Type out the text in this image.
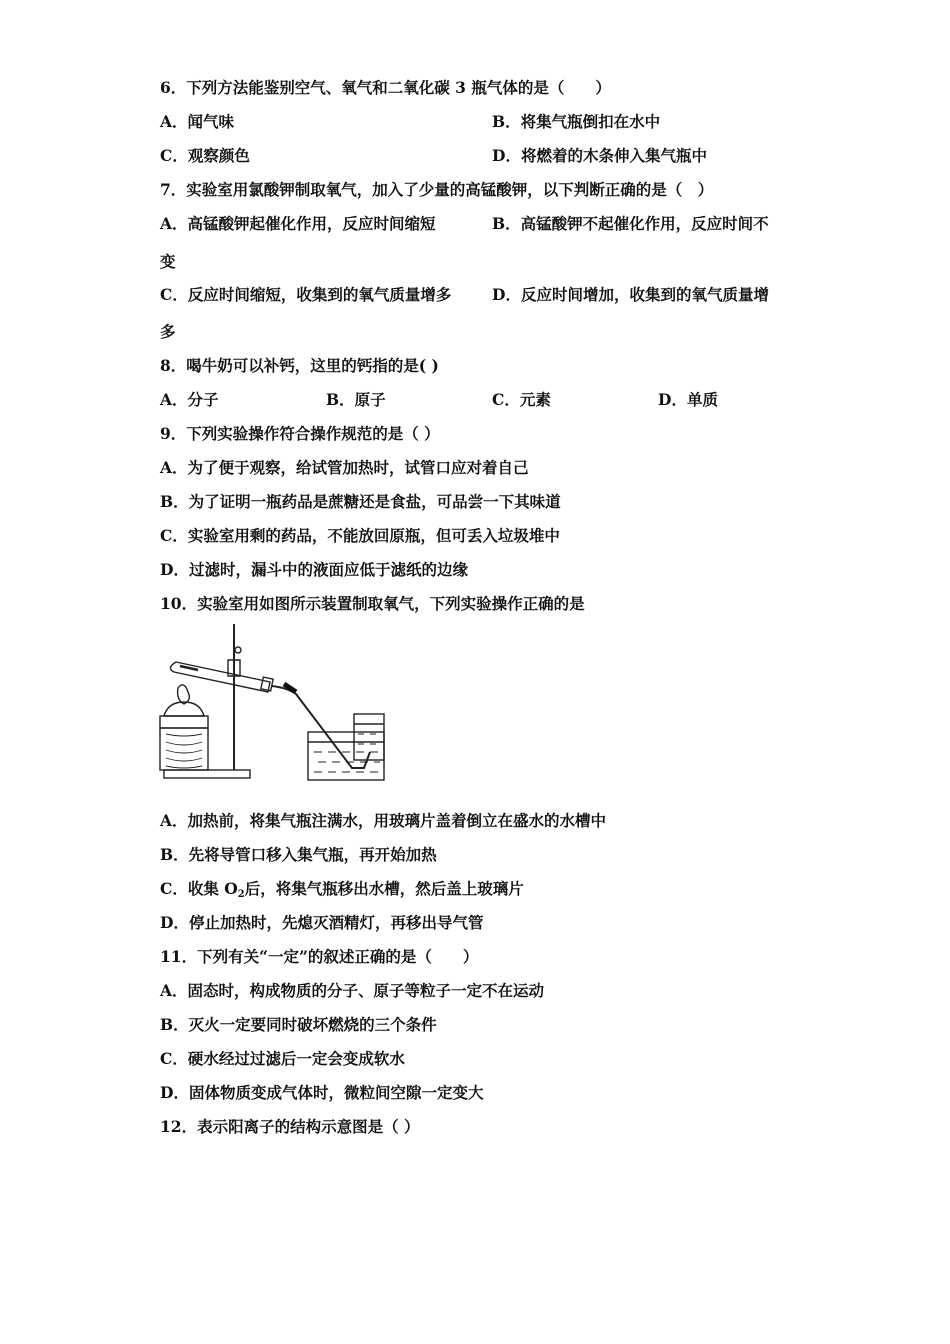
6．下列方法能鉴别空气、氧气和二氧化碳 3 瓶气体的是（　　）
A．闻气味	B．将集气瓶倒扣在水中
C．观察颜色	D．将燃着的木条伸入集气瓶中
7．实验室用氯酸钾制取氧气，加入了少量的高锰酸钾，以下判断正确的是（　）
A．高锰酸钾起催化作用，反应时间缩短	B．高锰酸钾不起催化作用，反应时间不
变
C．反应时间缩短，收集到的氧气质量增多	D．反应时间增加，收集到的氧气质量增
多
8．喝牛奶可以补钙，这里的钙指的是( )
A．分子	B．原子	C．元素	D．单质
9．下列实验操作符合操作规范的是（ ）
A．为了便于观察，给试管加热时，试管口应对着自己
B．为了证明一瓶药品是蔗糖还是食盐，可品尝一下其味道
C．实验室用剩的药品，不能放回原瓶，但可丢入垃圾堆中
D．过滤时，漏斗中的液面应低于滤纸的边缘
10．实验室用如图所示装置制取氧气，下列实验操作正确的是
A．加热前，将集气瓶注满水，用玻璃片盖着倒立在盛水的水槽中
B．先将导管口移入集气瓶，再开始加热
C．收集 $O_2$后，将集气瓶移出水槽，然后盖上玻璃片
D．停止加热时，先熄灭酒精灯，再移出导气管
11．下列有关“一定”的叙述正确的是（　　）
A．固态时，构成物质的分子、原子等粒子一定不在运动
B．灭火一定要同时破坏燃烧的三个条件
C．硬水经过过滤后一定会变成软水
D．固体物质变成气体时，微粒间空隙一定变大
12．表示阳离子的结构示意图是（ ）
